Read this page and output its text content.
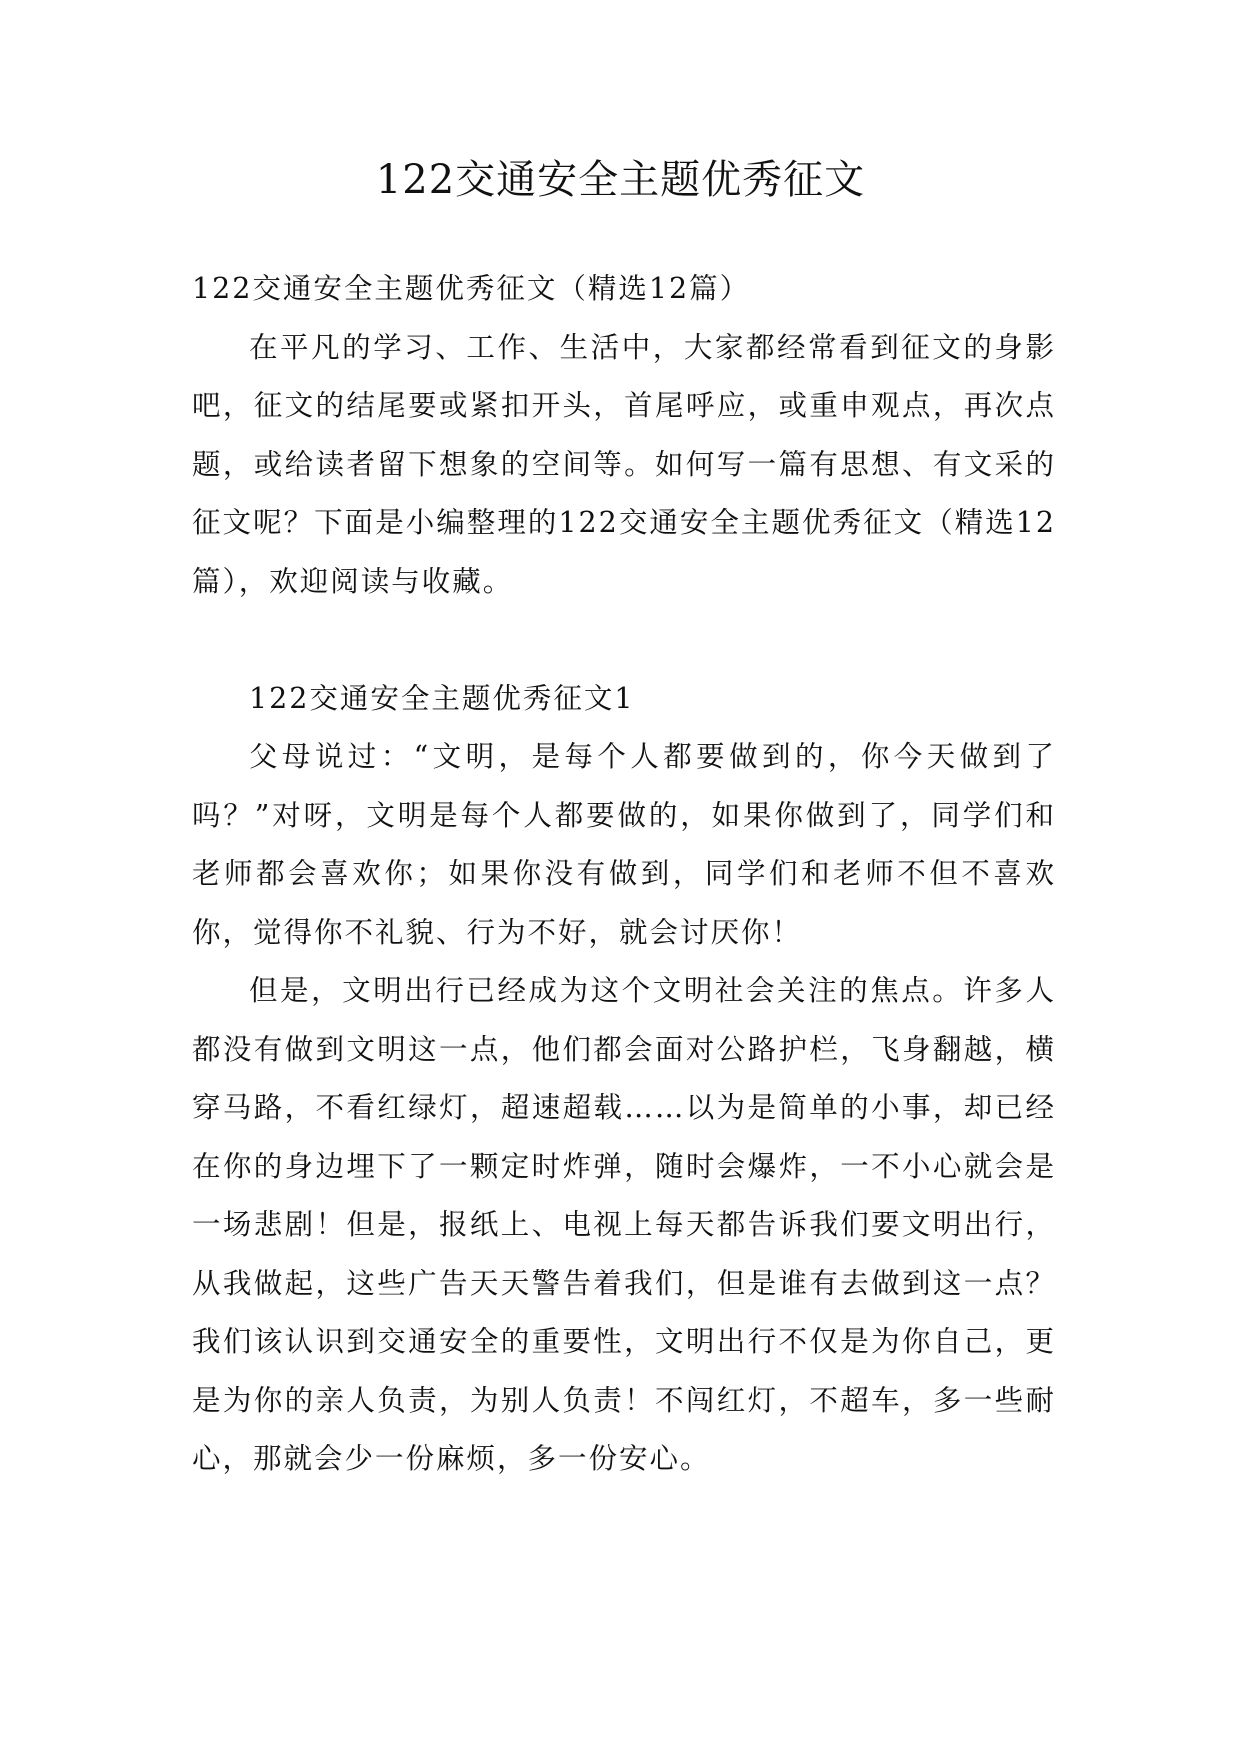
122交通安全主题优秀征文

122交通安全主题优秀征文（精选12篇）

在平凡的学习、工作、生活中，大家都经常看到征文的身影吧，征文的结尾要或紧扣开头，首尾呼应，或重申观点，再次点题，或给读者留下想象的空间等。如何写一篇有思想、有文采的征文呢？下面是小编整理的122交通安全主题优秀征文（精选12篇），欢迎阅读与收藏。

122交通安全主题优秀征文1

父母说过：“文明，是每个人都要做到的，你今天做到了吗？”对呀，文明是每个人都要做的，如果你做到了，同学们和老师都会喜欢你；如果你没有做到，同学们和老师不但不喜欢你，觉得你不礼貌、行为不好，就会讨厌你！

但是，文明出行已经成为这个文明社会关注的焦点。许多人都没有做到文明这一点，他们都会面对公路护栏，飞身翻越，横穿马路，不看红绿灯，超速超载……以为是简单的小事，却已经在你的身边埋下了一颗定时炸弹，随时会爆炸，一不小心就会是一场悲剧！但是，报纸上、电视上每天都告诉我们要文明出行，从我做起，这些广告天天警告着我们，但是谁有去做到这一点？我们该认识到交通安全的重要性，文明出行不仅是为你自己，更是为你的亲人负责，为别人负责！不闯红灯，不超车，多一些耐心，那就会少一份麻烦，多一份安心。
